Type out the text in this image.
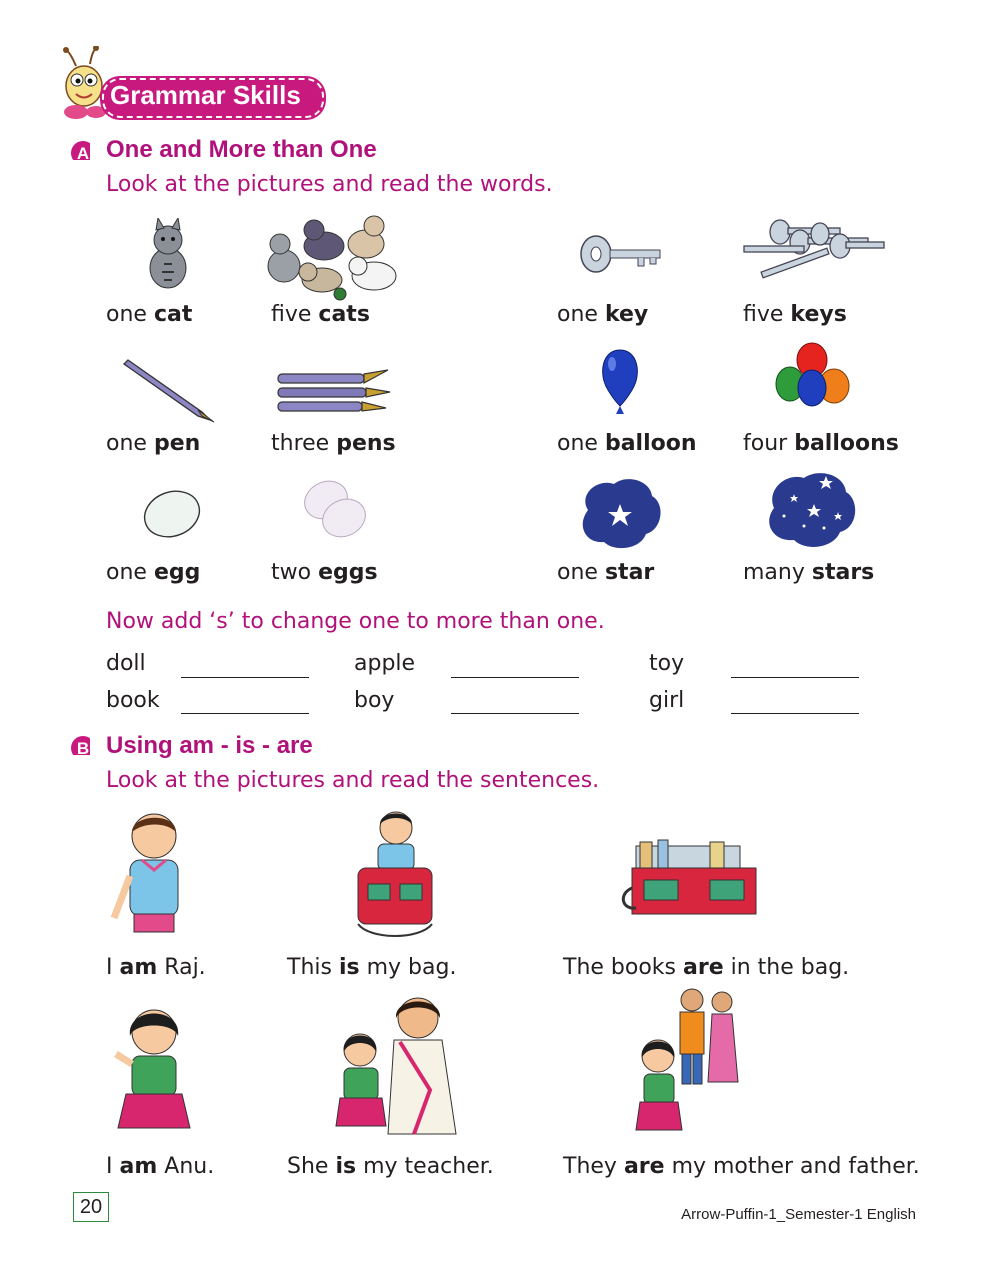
Grammar Skills
A One and More than One
Look at the pictures and read the words.
one cat	five cats	one key	five keys
one pen	three pens	one balloon four balloons
one egg	two eggs	one star	many stars
Now add ‘s’ to change one to more than one.
doll	apple	toy
book	boy	girl
B Using am - is - are
Look at the pictures and read the sentences.
I am Raj.	This is my bag.	The books are in the bag.
I am Anu.	She is my teacher.	They are my mother and father.
20	Arrow-Puffin-1_Semester-1 English
